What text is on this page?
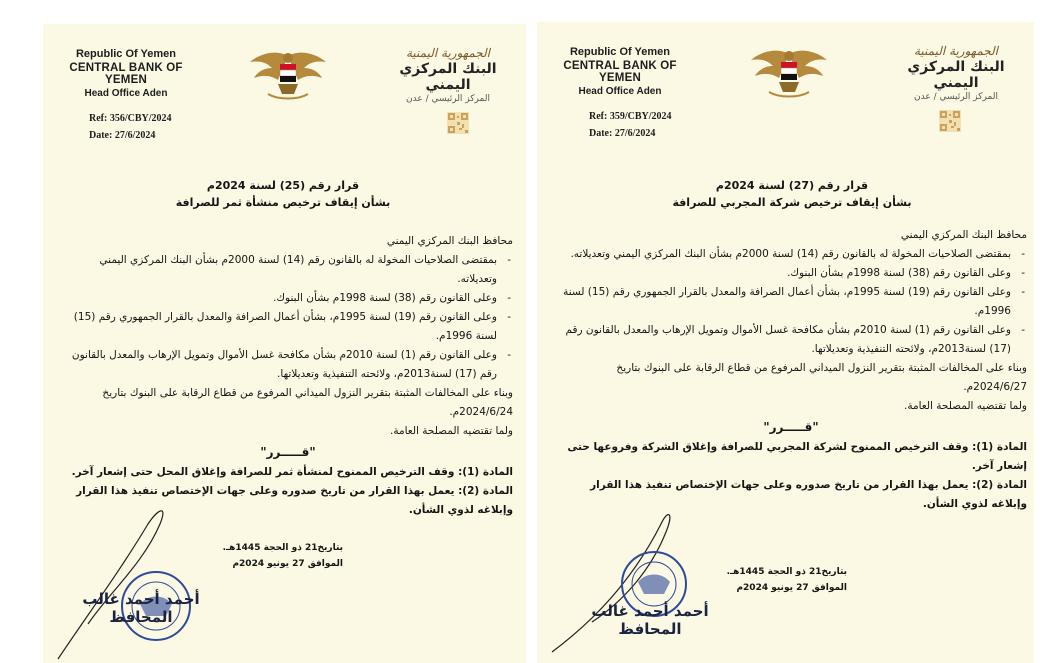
Republic Of Yemen
CENTRAL BANK OF YEMEN
Head Office Aden
Ref: 356/CBY/2024
Date: 27/6/2024
الجمهورية اليمنية
البنك المركزي اليمني
المركز الرئيسي / عدن
قرار رقم (25) لسنة 2024م
بشأن إيقاف ترخيص منشأة ثمر للصرافة

محافظ البنك المركزي اليمني

- بمقتضى الصلاحيات المخولة له بالقانون رقم (14) لسنة 2000م بشأن البنك المركزي اليمني وتعديلاته.

- وعلى القانون رقم (38) لسنة 1998م بشأن البنوك.

- وعلى القانون رقم (19) لسنة 1995م، بشأن أعمال الصرافة والمعدل بالقرار الجمهوري رقم (15) لسنة 1996م.

- وعلى القانون رقم (1) لسنة 2010م بشأن مكافحة غسل الأموال وتمويل الإرهاب والمعدل بالقانون رقم (17) لسنة2013م، ولائحته التنفيذية وتعديلاتها.

وبناء على المخالفات المثبتة بتقرير النزول الميداني المرفوع من قطاع الرقابة على البنوك بتاريخ 2024/6/24م.

ولما تقتضيه المصلحة العامة.

"قـــــرر"

المادة (1): وقف الترخيص الممنوح لمنشأة ثمر للصرافة وإغلاق المحل حتى إشعار آخر.

المادة (2): يعمل بهذا القرار من تاريخ صدوره وعلى جهات الإختصاص تنفيذ هذا القرار وإبلاغه لذوي الشأن.

بتاريخ21 ذو الحجة 1445هـ.
الموافق 27 يونيو 2024م
أحمد أحمد غالب
المحافظ
Republic Of Yemen
CENTRAL BANK OF YEMEN
Head Office Aden
Ref: 359/CBY/2024
Date: 27/6/2024
الجمهورية اليمنية
البنك المركزي اليمني
المركز الرئيسي / عدن
قرار رقم (27) لسنة 2024م
بشأن إيقاف ترخيص شركة المجربي للصرافة

محافظ البنك المركزي اليمني

- بمقتضى الصلاحيات المخولة له بالقانون رقم (14) لسنة 2000م بشأن البنك المركزي اليمني وتعديلاته.

- وعلى القانون رقم (38) لسنة 1998م بشأن البنوك.

- وعلى القانون رقم (19) لسنة 1995م، بشأن أعمال الصرافة والمعدل بالقرار الجمهوري رقم (15) لسنة 1996م.

- وعلى القانون رقم (1) لسنة 2010م بشأن مكافحة غسل الأموال وتمويل الإرهاب والمعدل بالقانون رقم (17) لسنة2013م، ولائحته التنفيذية وتعديلاتها.

وبناء على المخالفات المثبتة بتقرير النزول الميداني المرفوع من قطاع الرقابة على البنوك بتاريخ 2024/6/27م.

ولما تقتضيه المصلحة العامة.

"قـــــرر"

المادة (1): وقف الترخيص الممنوح لشركة المجربي للصرافة وإغلاق الشركة وفروعها حتى إشعار آخر.

المادة (2): يعمل بهذا القرار من تاريخ صدوره وعلى جهات الإختصاص تنفيذ هذا القرار وإبلاغه لذوي الشأن.

بتاريخ21 ذو الحجة 1445هـ.
الموافق 27 يونيو 2024م
أحمد أحمد غالب
المحافظ
